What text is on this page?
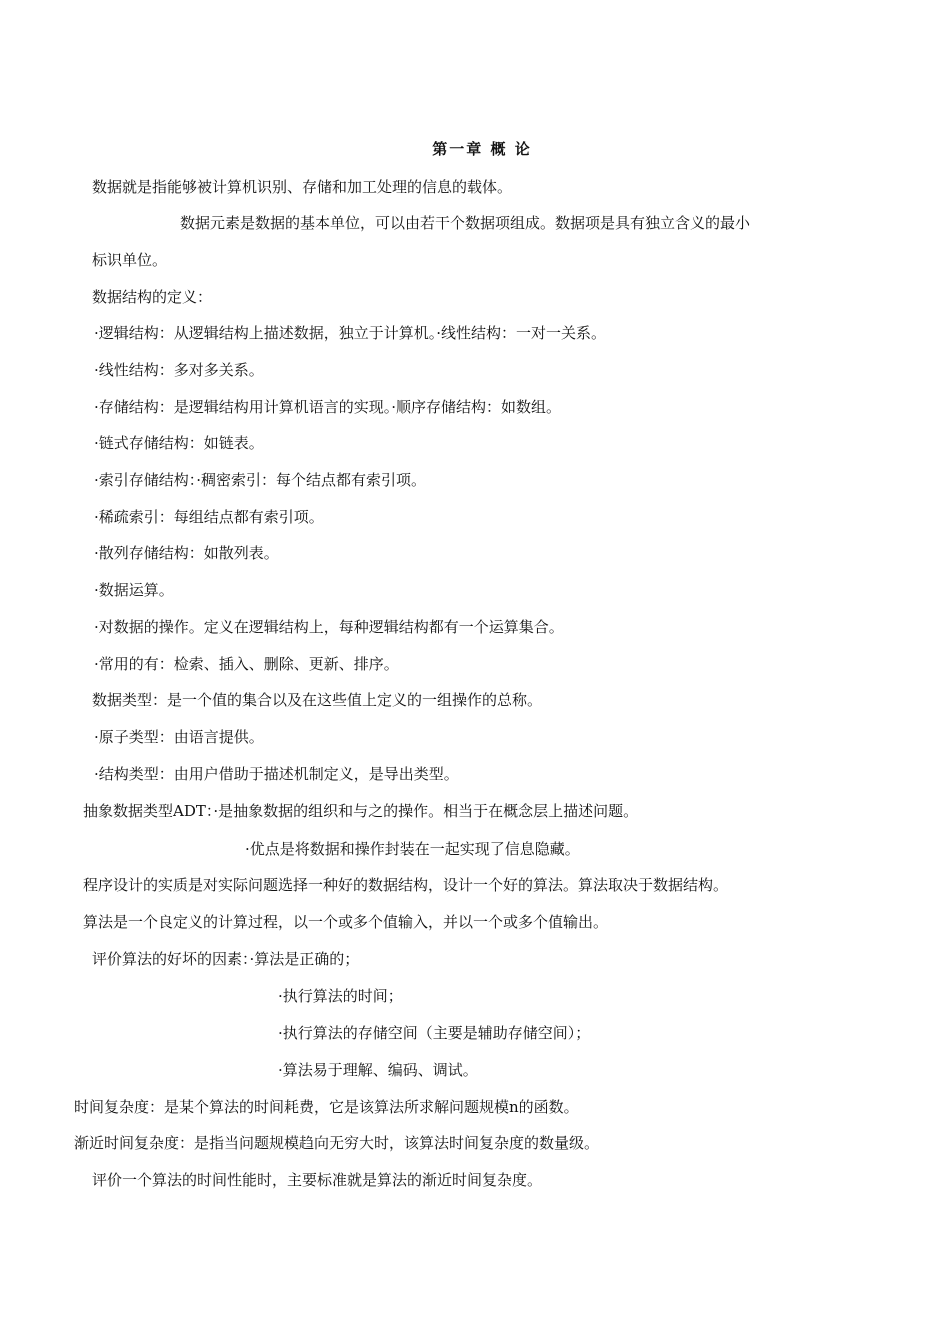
第一章 概 论
数据就是指能够被计算机识别、存储和加工处理的信息的载体。
数据元素是数据的基本单位，可以由若干个数据项组成。数据项是具有独立含义的最小
标识单位。
数据结构的定义：
·逻辑结构：从逻辑结构上描述数据，独立于计算机。·线性结构：一对一关系。
·线性结构：多对多关系。
·存储结构：是逻辑结构用计算机语言的实现。·顺序存储结构：如数组。
·链式存储结构：如链表。
·索引存储结构：·稠密索引：每个结点都有索引项。
·稀疏索引：每组结点都有索引项。
·散列存储结构：如散列表。
·数据运算。
·对数据的操作。定义在逻辑结构上，每种逻辑结构都有一个运算集合。
·常用的有：检索、插入、删除、更新、排序。
数据类型：是一个值的集合以及在这些值上定义的一组操作的总称。
·原子类型：由语言提供。
·结构类型：由用户借助于描述机制定义，是导出类型。
抽象数据类型ADT：·是抽象数据的组织和与之的操作。相当于在概念层上描述问题。
·优点是将数据和操作封装在一起实现了信息隐藏。
程序设计的实质是对实际问题选择一种好的数据结构，设计一个好的算法。算法取决于数据结构。
算法是一个良定义的计算过程，以一个或多个值输入，并以一个或多个值输出。
评价算法的好坏的因素：·算法是正确的；
·执行算法的时间；
·执行算法的存储空间（主要是辅助存储空间）；
·算法易于理解、编码、调试。
时间复杂度：是某个算法的时间耗费，它是该算法所求解问题规模n的函数。
渐近时间复杂度：是指当问题规模趋向无穷大时，该算法时间复杂度的数量级。
评价一个算法的时间性能时，主要标准就是算法的渐近时间复杂度。
